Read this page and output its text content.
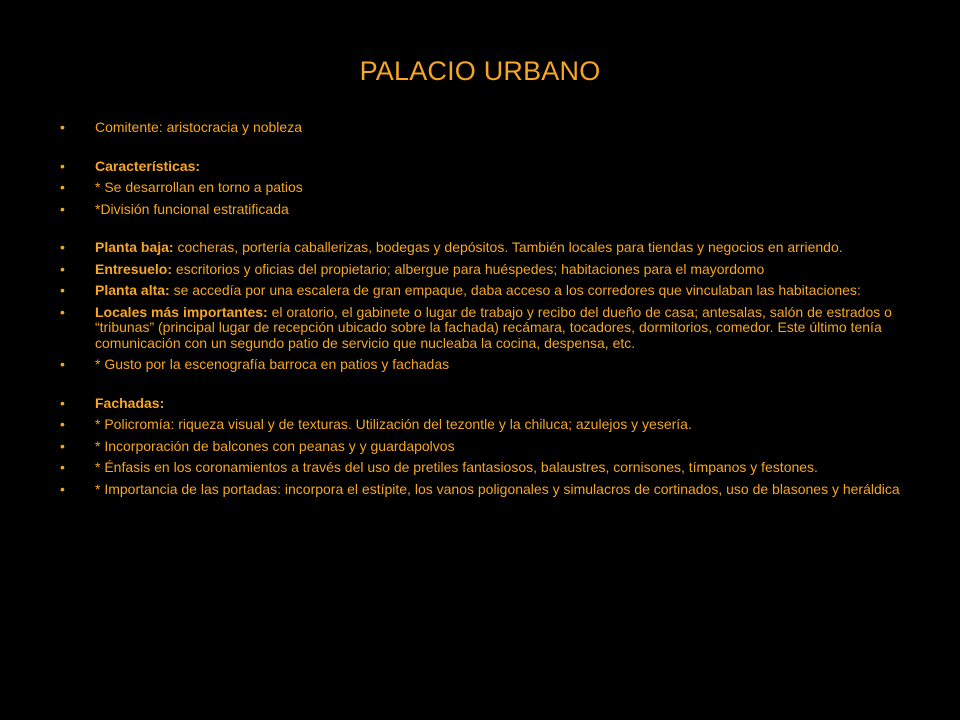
PALACIO URBANO
• Comitente: aristocracia y nobleza
• Características:
• * Se desarrollan en torno a patios
• *División funcional estratificada
• Planta baja: cocheras, portería caballerizas, bodegas y depósitos. También locales para tiendas y negocios en arriendo.
• Entresuelo: escritorios y oficias del propietario; albergue para huéspedes; habitaciones para el mayordomo
• Planta alta: se accedía por una escalera de gran empaque, daba acceso a los corredores que vinculaban las habitaciones:
• Locales más importantes: el oratorio, el gabinete o lugar de trabajo y recibo del dueño de casa; antesalas, salón de estrados o “tribunas” (principal lugar de recepción ubicado sobre la fachada) recámara, tocadores, dormitorios, comedor. Este último tenía comunicación con un segundo patio de servicio que nucleaba la cocina, despensa, etc.
• * Gusto por la escenografía barroca en patios y fachadas
• Fachadas:
• * Policromía: riqueza visual y de texturas. Utilización del tezontle y la chiluca; azulejos y yesería.
• * Incorporación de balcones con peanas y y guardapolvos
• * Énfasis en los coronamientos a través del uso de pretiles fantasiosos, balaustres, cornisones, tímpanos y festones.
• * Importancia de las portadas: incorpora el estípite, los vanos poligonales y simulacros de cortinados, uso de blasones y heráldica
